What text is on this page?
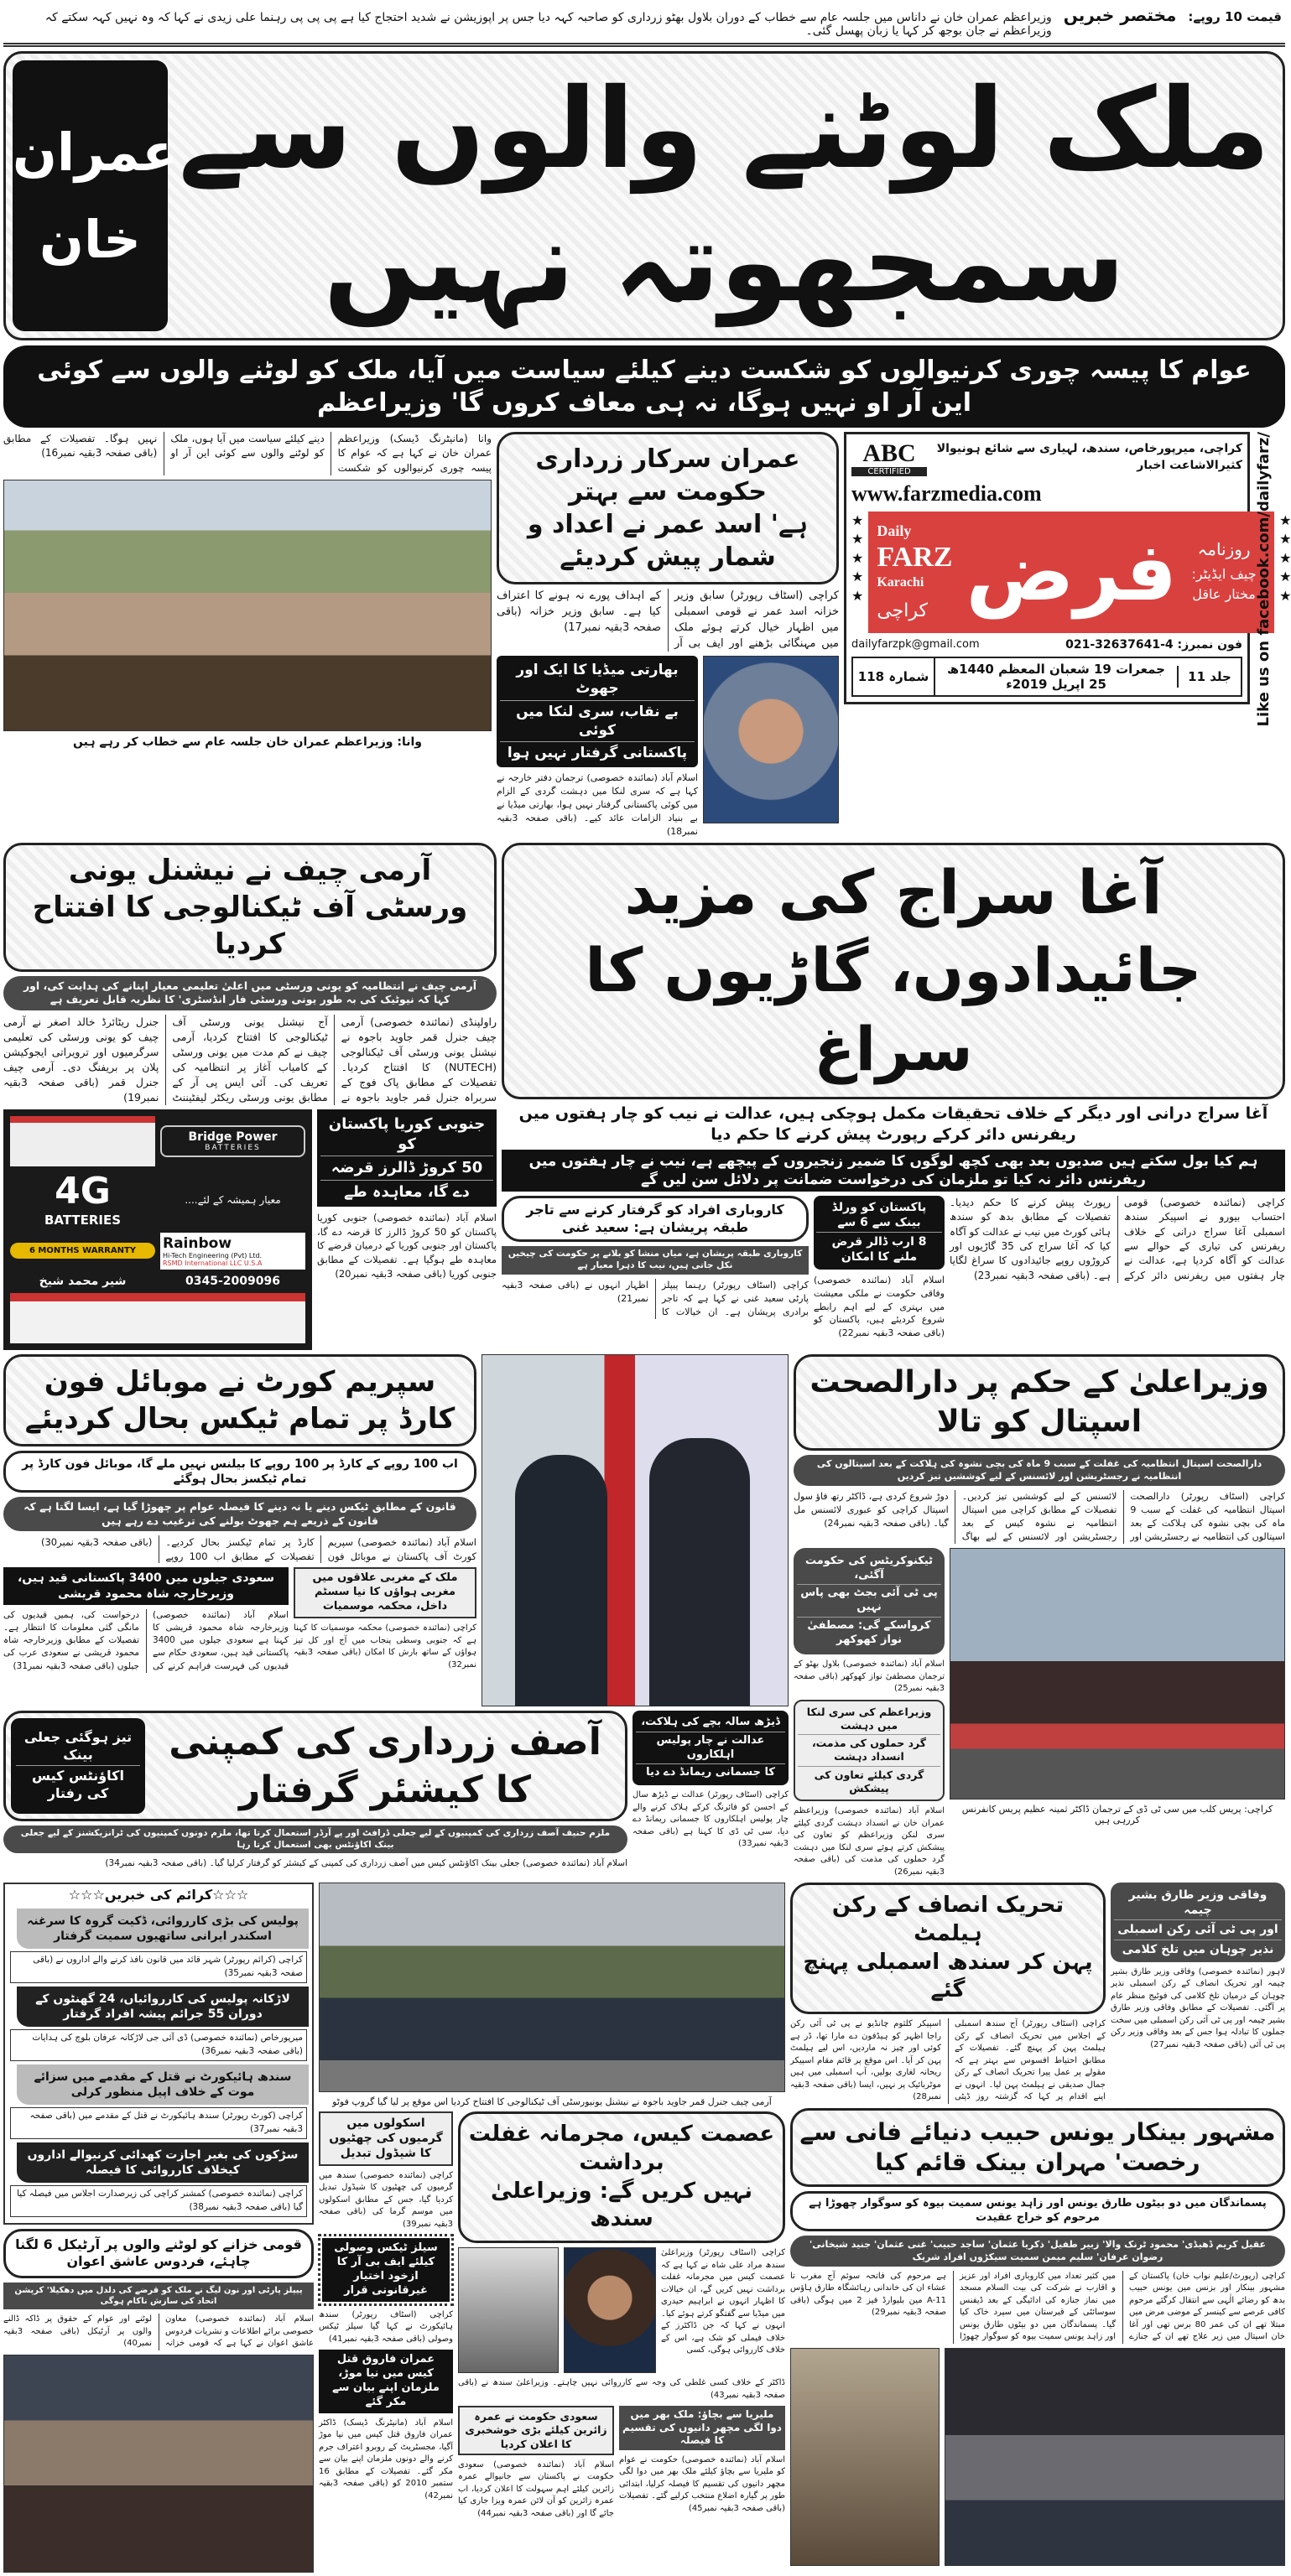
قیمت 10 روپے:
مختصر خبریں
وزیراعظم عمران خان نے داناس میں جلسہ عام سے خطاب کے دوران بلاول بھٹو زرداری کو صاحبہ کہہ دیا جس پر اپوزیشن نے شدید احتجاج کیا ہے پی پی پی رہنما علی زیدی نے کہا کہ وہ نہیں کہہ سکتے کہ وزیراعظم نے جان بوجھ کر کہا یا زبان پھسل گئی۔
عمران
خان
ملک لوٹنے والوں سے سمجھوتہ نہیں
عوام کا پیسہ چوری کرنیوالوں کو شکست دینے کیلئے سیاست میں آیا، ملک کو لوٹنے والوں سے کوئی این آر او نہیں ہوگا، نہ ہی معاف کروں گا' وزیراعظم
وانا (مانیٹرنگ ڈیسک) وزیراعظم عمران خان نے کہا ہے کہ عوام کا پیسہ چوری کرنیوالوں کو شکست دینے کیلئے سیاست میں آیا ہوں، ملک کو لوٹنے والوں سے کوئی این آر او نہیں ہوگا۔ تفصیلات کے مطابق (باقی صفحہ 3بقیہ نمبر16)
وانا: وزیراعظم عمران خان جلسہ عام سے خطاب کر رہے ہیں
عمران سرکار زرداری حکومت سے بہتر
ہے' اسد عمر نے اعداد و شمار پیش کردیئے
کراچی (اسٹاف رپورٹر) سابق وزیر خزانہ اسد عمر نے قومی اسمبلی میں اظہار خیال کرتے ہوئے ملک میں مہنگائی بڑھنے اور ایف بی آر کے اہداف پورے نہ ہونے کا اعتراف کیا ہے۔ سابق وزیر خزانہ (باقی صفحہ 3بقیہ نمبر17)
بھارتی میڈیا کا ایک اور جھوٹ
بے نقاب، سری لنکا میں کوئی
پاکستانی گرفتار نہیں ہوا
اسلام آباد (نمائندہ خصوصی) ترجمان دفتر خارجہ نے کہا ہے کہ سری لنکا میں دہشت گردی کے الزام میں کوئی پاکستانی گرفتار نہیں ہوا، بھارتی میڈیا نے بے بنیاد الزامات عائد کیے۔ (باقی صفحہ 3بقیہ نمبر18)
ABC
CERTIFIED
کراچی، میرپورخاص، سندھ، لہیاری سے شائع ہونیوالا کثیرالاشاعت اخبار
www.farzmedia.com
★
★
★
★
★
Daily
FARZ
Karachi
کراچی فرض	روزنامہ
چیف ایڈیٹر:
مختار عاقل
★
★
★
★
★
dailyfarzpk@gmail.com	فون نمبرز: 021-32637641-4
جلد 11
جمعرات 19 شعبان المعظم 1440ھ 25 اپریل 2019ء
شمارہ 118	Like us on facebook.com/dailyfarz/
آرمی چیف نے نیشنل یونی ورسٹی آف ٹیکنالوجی کا افتتاح کردیا
آرمی چیف نے انتظامیہ کو یونی ورسٹی میں اعلیٰ تعلیمی معیار اپنانے کی ہدایت کی، اور کہا کہ نیوٹیک کی بہ طور یونی ورسٹی فار انڈسٹری' کا نظریہ قابل تعریف ہے
راولپنڈی (نمائندہ خصوصی) آرمی چیف جنرل قمر جاوید باجوہ نے نیشنل یونی ورسٹی آف ٹیکنالوجی (NUTECH) کا افتتاح کردیا۔ تفصیلات کے مطابق پاک فوج کے سربراہ جنرل قمر جاوید باجوہ نے آج نیشنل یونی ورسٹی آف ٹیکنالوجی کا افتتاح کردیا، آرمی چیف نے کم مدت میں یونی ورسٹی کے کامیاب آغاز پر انتظامیہ کی تعریف کی۔ آئی ایس پی آر کے مطابق یونی ورسٹی ریکٹر لیفٹیننٹ جنرل ریٹائرڈ خالد اصغر نے آرمی چیف کو یونی ورسٹی کی تعلیمی سرگرمیوں اور ترویراتی ایجوکیشن پلان پر بریفنگ دی۔ آرمی چیف جنرل قمر (باقی صفحہ 3بقیہ نمبر19)
Bridge Power
BATTERIES
4G
BATTERIES
معیار ہمیشہ کے لئے....
6 MONTHS WARRANTY	Rainbow
Hi-Tech Engineering (Pvt) Ltd.
RSMD International LLC U.S.A
شیر محمد شیخ	0345-2009096
جنوبی کوریا پاکستان کو
50 کروڑ ڈالرز قرضہ
دے گا، معاہدہ طے
اسلام آباد (نمائندہ خصوصی) جنوبی کوریا پاکستان کو 50 کروڑ ڈالرز کا قرضہ دے گا، پاکستان اور جنوبی کوریا کے درمیان قرضے کا معاہدہ طے ہوگیا ہے۔ تفصیلات کے مطابق جنوبی کوریا (باقی صفحہ 3بقیہ نمبر20)
آغا سراج کی مزید جائیدادوں، گاڑیوں کا سراغ
آغا سراج درانی اور دیگر کے خلاف تحقیقات مکمل ہوچکی ہیں، عدالت نے نیب کو چار ہفتوں میں ریفرنس دائر کرکے رپورٹ پیش کرنے کا حکم دیا
ہم کیا بول سکتے ہیں صدیوں بعد بھی کچھ لوگوں کا ضمیر زنجیروں کے پیچھے ہے، نیب نے چار ہفتوں میں ریفرنس دائر نہ کیا تو ملزمان کی درخواست ضمانت پر دلائل سن لیں گے
کاروباری افراد کو گرفتار کرنے سے تاجر طبقہ پریشان ہے: سعید غنی
کاروباری طبقہ پریشان ہے، میاں منشا کو بلانے پر حکومت کی چیخیں نکل جاتی ہیں، نیب کا دہرا معیار ہے
کراچی (اسٹاف رپورٹر) رہنما پیپلز پارٹی سعید غنی نے کہا ہے کہ تاجر برادری پریشان ہے۔ ان خیالات کا اظہار انہوں نے (باقی صفحہ 3بقیہ نمبر21)
پاکستان کو ورلڈ بینک سے 6 سے
8 ارب ڈالر قرض ملنے کا امکان
اسلام آباد (نمائندہ خصوصی) وفاقی حکومت نے ملکی معیشت میں بہتری کے لیے اہم رابطے شروع کردیئے ہیں، پاکستان کو (باقی صفحہ 3بقیہ نمبر22)
کراچی (نمائندہ خصوصی) قومی احتساب بیورو نے اسپیکر سندھ اسمبلی آغا سراج درانی کے خلاف ریفرنس کی تیاری کے حوالے سے عدالت کو آگاہ کردیا ہے، عدالت نے چار ہفتوں میں ریفرنس دائر کرکے رپورٹ پیش کرنے کا حکم دیدیا۔ تفصیلات کے مطابق بدھ کو سندھ ہائی کورٹ میں نیب نے عدالت کو آگاہ کیا کہ آغا سراج کی 35 گاڑیوں اور کروڑوں روپے جائیدادوں کا سراغ لگایا ہے۔ (باقی صفحہ 3بقیہ نمبر23)
سپریم کورٹ نے موبائل فون کارڈ پر تمام ٹیکس بحال کردیئے
اب 100 روپے کے کارڈ پر 100 روپے کا بیلنس نہیں ملے گا، موبائل فون کارڈ پر تمام ٹیکسز بحال ہوگئے
قانون کے مطابق ٹیکس دینے یا نہ دینے کا فیصلہ عوام پر چھوڑا گیا ہے، ایسا لگتا ہے کہ قانون کے ذریعے ہم جھوٹ بولنے کی ترغیب دے رہے ہیں
اسلام آباد (نمائندہ خصوصی) سپریم کورٹ آف پاکستان نے موبائل فون کارڈ پر تمام ٹیکسز بحال کردیے۔ تفصیلات کے مطابق اب 100 روپے (باقی صفحہ 3بقیہ نمبر30)
سعودی جیلوں میں 3400 پاکستانی قید ہیں، وزیرخارجہ شاہ محمود قریشی
اسلام آباد (نمائندہ خصوصی) وزیرخارجہ شاہ محمود قریشی کا کہنا ہے سعودی جیلوں میں 3400 پاکستانی قید ہیں، سعودی حکام سے قیدیوں کی فہرست فراہم کرنے کی درخواست کی، ہمیں قیدیوں کی مانگی گئی معلومات کا انتظار ہے۔ تفصیلات کے مطابق وزیرخارجہ شاہ محمود قریشی نے سعودی عرب کی جیلوں (باقی صفحہ 3بقیہ نمبر31)
ملک کے مغربی علاقوں میں مغربی ہواؤں کا نیا سسٹم داخل، محکمہ موسمیات
کراچی (نمائندہ خصوصی) محکمہ موسمیات کا کہنا ہے کہ جنوبی وسطی پنجاب میں آج اور کل تیز ہواؤں کے ساتھ بارش کا امکان (باقی صفحہ 3بقیہ نمبر32)
تیز ہوگئی جعلی بینک
اکاؤنٹس کیس کی رفتار
آصف زرداری کی کمپنی کا کیشئر گرفتار
ملزم حنیف آصف زرداری کی کمپنیوں کے لیے جعلی ڈرافٹ اور پے آرڈر استعمال کرتا تھا، ملزم دونوں کمپنیوں کی ٹرانزیکشنز کے لیے جعلی بینک اکاؤنٹس بھی استعمال کرتا رہا
اسلام آباد (نمائندہ خصوصی) جعلی بینک اکاؤنٹس کیس میں آصف زرداری کی کمپنی کے کیشئر کو گرفتار کرلیا گیا۔ (باقی صفحہ 3بقیہ نمبر34)
ڈیڑھ سالہ بچے کی ہلاکت،
عدالت نے چار پولیس اہلکاروں
کا جسمانی ریمانڈ دے دیا
کراچی (اسٹاف رپورٹر) عدالت نے ڈیڑھ سال کے احسن کو فائرنگ کرکے ہلاک کرنے والے چار پولیس اہلکاروں کا جسمانی ریمانڈ دے دیا، سی ٹی ڈی کا کہنا ہے (باقی صفحہ 3بقیہ نمبر33)
وزیراعلیٰ کے حکم پر دارالصحت اسپتال کو تالا
دارالصحت اسپتال انتظامیہ کی غفلت کے سبب 9 ماہ کی بچی نشوہ کی ہلاکت کے بعد اسپتالوں کی انتظامیہ نے رجسٹریشن اور لائسنس کے لیے کوششیں تیز کردیں
کراچی (اسٹاف رپورٹر) دارالصحت اسپتال انتظامیہ کی غفلت کے سبب 9 ماہ کی بچی نشوہ کی ہلاکت کے بعد اسپتالوں کی انتظامیہ نے رجسٹریشن اور لائسنس کے لیے کوششیں تیز کردیں۔ تفصیلات کے مطابق کراچی میں اسپتال انتظامیہ نے نشوہ کیس کے بعد رجسٹریشن اور لائسنس کے لیے بھاگ دوڑ شروع کردی ہے، ڈاکٹر رتھ فاؤ سول اسپتال کراچی کو عبوری لائسنس مل گیا۔ (باقی صفحہ 3بقیہ نمبر24)
ٹیکنوکریٹس کی حکومت آگئی،
پی ٹی آئی بجٹ بھی پاس نہیں
کرواسکے گی: مصطفیٰ نواز کھوکھر
اسلام آباد (نمائندہ خصوصی) بلاول بھٹو کے ترجمان مصطفیٰ نواز کھوکھر (باقی صفحہ 3بقیہ نمبر25)
وزیراعظم کی سری لنکا میں دہشت
گرد حملوں کی مذمت، انسداد دہشت
گردی کیلئے تعاون کی پیشکش
اسلام آباد (نمائندہ خصوصی) وزیراعظم عمران خان نے انسداد دہشت گردی کیلئے سری لنکن وزیراعظم کو تعاون کی پیشکش کرتے ہوئے سری لنکا میں دہشت گرد حملوں کی مذمت کی (باقی صفحہ 3بقیہ نمبر26)
کراچی: پریس کلب میں سی ٹی ڈی کے ترجمان ڈاکٹر ثمینہ عظیم پریس کانفرنس کررہی ہیں
☆☆☆کرائم کی خبریں☆☆☆
پولیس کی بڑی کارروائی، ڈکیت گروہ کا سرغنہ اسکندر ایرانی ساتھیوں سمیت گرفتار
کراچی (کرائم رپورٹر) شہر قائد میں قانون نافذ کرنے والے اداروں نے (باقی صفحہ 3بقیہ نمبر35)
لاڑکانہ پولیس کی کارروائیاں، 24 گھنٹوں کے دوران 55 جرائم پیشہ افراد گرفتار
میرپورخاص (نمائندہ خصوصی) ڈی آئی جی لاڑکانہ عرفان بلوچ کی ہدایات (باقی صفحہ 3بقیہ نمبر36)
سندھ ہائیکورٹ نے قتل کے مقدمے میں سزائے موت کے خلاف اپیل منظور کرلی
کراچی (کورٹ رپورٹر) سندھ ہائیکورٹ نے قتل کے مقدمے میں (باقی صفحہ 3بقیہ نمبر37)
سڑکوں کی بغیر اجازت کھدائی کرنیوالے اداروں کیخلاف کارروائی کا فیصلہ
کراچی (نمائندہ خصوصی) کمشنر کراچی کی زیرصدارت اجلاس میں فیصلہ کیا گیا (باقی صفحہ 3بقیہ نمبر38)
قومی خزانے کو لوٹنے والوں پر آرٹیکل 6 لگنا چاہئے، فردوس عاشق اعوان
پیپلز پارٹی اور نون لیگ نے ملک کو قرضے کی دلدل میں دھکیلا' کرپشن اتحاد کی سازش ناکام ہوگی
اسلام آباد (نمائندہ خصوصی) معاون خصوصی برائے اطلاعات و نشریات فردوس عاشق اعوان نے کہا ہے کہ قومی خزانہ لوٹنے اور عوام کے حقوق پر ڈاکہ ڈالنے والوں پر آرٹیکل (باقی صفحہ 3بقیہ نمبر40)
آرمی چیف جنرل قمر جاوید باجوہ نے نیشنل یونیورسٹی آف ٹیکنالوجی کا افتتاح کردیا اس موقع پر لیا گیا گروپ فوٹو
اسکولوں میں گرمیوں کی چھٹیوں کا شیڈول تبدیل
کراچی (نمائندہ خصوصی) سندھ میں گرمیوں کی چھٹیوں کا شیڈول تبدیل کردیا گیا، جس کے مطابق اسکولوں میں موسم گرما کی (باقی صفحہ 3بقیہ نمبر39)
سیلز ٹیکس وصولی کیلئے ایف بی آر کا ازخود اختیار غیرقانونی قرار
کراچی (اسٹاف رپورٹر) سندھ ہائیکورٹ نے کہا گیا سیلز ٹیکس وصولی (باقی صفحہ 3بقیہ نمبر41)
عمران فاروق قتل کیس میں نیا موڑ، ملزمان اپنے بیان سے مکر گئے
اسلام آباد (مانیٹرنگ ڈیسک) ڈاکٹر عمران فاروق قتل کیس میں نیا موڑ آگیا، مجسٹریٹ کے روبرو اعتراف جرم کرنے والے دونوں ملزمان اپنے بیان سے مکر گئے۔ تفصیلات کے مطابق 16 ستمبر 2010 کو (باقی صفحہ 3بقیہ نمبر42)
عصمت کیس، مجرمانہ غفلت برداشت
نہیں کریں گے: وزیراعلیٰ سندھ
کراچی (اسٹاف رپورٹر) وزیراعلیٰ سندھ مراد علی شاہ نے کہا ہے کہ عصمت کیس میں مجرمانہ غفلت برداشت نہیں کریں گے، ان خیالات کا اظہار انہوں نے ابراہیم حیدری میں میڈیا سے گفتگو کرتے ہوئے کیا۔ انہوں نے کہا کہ جن ڈاکٹرز کے خلاف فیملی کو شک ہے، اس کے خلاف کارروائی ہوگی، کسی
ڈاکٹر کے خلاف کسی غلطی کی وجہ سے کارروائی نہیں چاہتے۔ وزیراعلیٰ سندھ نے (باقی صفحہ 3بقیہ نمبر43)
سعودی حکومت نے عمرہ زائرین کیلئے بڑی خوشخبری کا اعلان کردیا
اسلام آباد (نمائندہ خصوصی) سعودی حکومت نے پاکستان سے جانیوالے عمرہ زائرین کیلئے اہم سہولت کا اعلان کردیا، اب عمرہ زائرین کو آن لائن عمرہ ویزا جاری کیا جائے گا اور (باقی صفحہ 3بقیہ نمبر44)
ملیریا سے بچاؤ: ملک بھر میں دوا لگی مچھر دانیوں کی تقسیم کا فیصلہ
اسلام آباد (نمائندہ خصوصی) حکومت نے عوام کو ملیریا سے بچاؤ کیلئے ملک بھر میں دوا لگی مچھر دانیوں کی تقسیم کا فیصلہ کرلیا، ابتدائی طور پر گیارہ اضلاع منتخب کرلیے گئے۔ تفصیلات (باقی صفحہ 3بقیہ نمبر45)
تحریک انصاف کے رکن ہیلمٹ
پہن کر سندھ اسمبلی پہنچ گئے
کراچی (اسٹاف رپورٹر) آج سندھ اسمبلی کے اجلاس میں تحریک انصاف کے رکن ہیلمٹ پہن کر پہنچ گئے۔ تفصیلات کے مطابق احتیاط افسوس سے بہتر ہے کہ مقولے پر عمل پیرا تحریک انصاف کے رکن جمال صدیقی نے ہیلمٹ پہن لیا۔ انہوں نے اپنے اقدام پر کہا کہ گزشتہ روز ڈپٹی اسپیکر کلثوم چانڈیو نے پی ٹی آئی رکن راجا اظہر کو ہیڈفون دے مارا تھا، ڈر ہے کوئی اور چیز نہ ماردیں، اس لیے ہیلمٹ پہن کر آیا۔ اس موقع پر قائم مقام اسپیکر ریحانہ لغاری بولیں، آپ اسمبلی میں ہیں موٹربائیک پر نہیں، ایسا (باقی صفحہ 3بقیہ نمبر28)
وفاقی وزیر طارق بشیر چیمہ
اور پی ٹی آئی رکن اسمبلی
نذیر چوہان میں تلخ کلامی
لاہور (نمائندہ خصوصی) وفاقی وزیر طارق بشیر چیمہ اور تحریک انصاف کے رکن اسمبلی نذیر چوہان کے درمیان تلخ کلامی کی فوٹیج منظر عام پر آگئی۔ تفصیلات کے مطابق وفاقی وزیر طارق بشیر چیمہ اور پی ٹی آئی رکن اسمبلی میں سخت جملوں کا تبادلہ ہوا جس کے بعد وفاقی وزیر رکن پی ٹی آئی (باقی صفحہ 3بقیہ نمبر27)
مشہور بینکار یونس حبیب دنیائے فانی سے رخصت' مہران بینک قائم کیا
پسماندگان میں دو بیٹوں طارق یونس اور زاہد یونس سمیت بیوہ کو سوگوار چھوڑا ہے مرحوم کو خراج عقیدت
عقیل کریم ڈھیڈی' محمود ٹرنک والا' زبیر طفیل' ذکریا عثمان' ساجد حبیب' غنی عثمان' جنید شیخانی' رضوان عرفان' سلیم میمن سمیت سیکڑوں افراد شریک
کراچی (رپورٹ/علیم نواب خان) پاکستان کے مشہور بینکار اور بزنس مین یونس حبیب بدھ کو رضائے الٰہی سے انتقال کرگئے مرحوم کافی عرصے سے کینسر کے موضی مرض میں مبتلا تھے ان کی عمر 80 برس تھی اور آغا خان اسپتال میں زیر علاج تھے ان کے جنازے میں کثیر تعداد میں کاروباری افراد اور عزیز و اقارب نے شرکت کی بیت السلام مسجد میں نماز جنازہ کی ادائیگی کے بعد ڈیفنس سوسائٹی کے قبرستان میں سپرد خاک کیا گیا۔ پسماندگان میں دو بیٹوں طارق یونس اور زاہد یونس سمیت بیوہ کو سوگوار چھوڑا ہے مرحوم کی فاتحہ سوئم آج مغرب تا عشاء ان کی خاندانی رہائشگاہ طارق ہاؤس A-11 مین بلیوارڈ فیز 2 میں ہوگی (باقی صفحہ 3بقیہ نمبر29)
